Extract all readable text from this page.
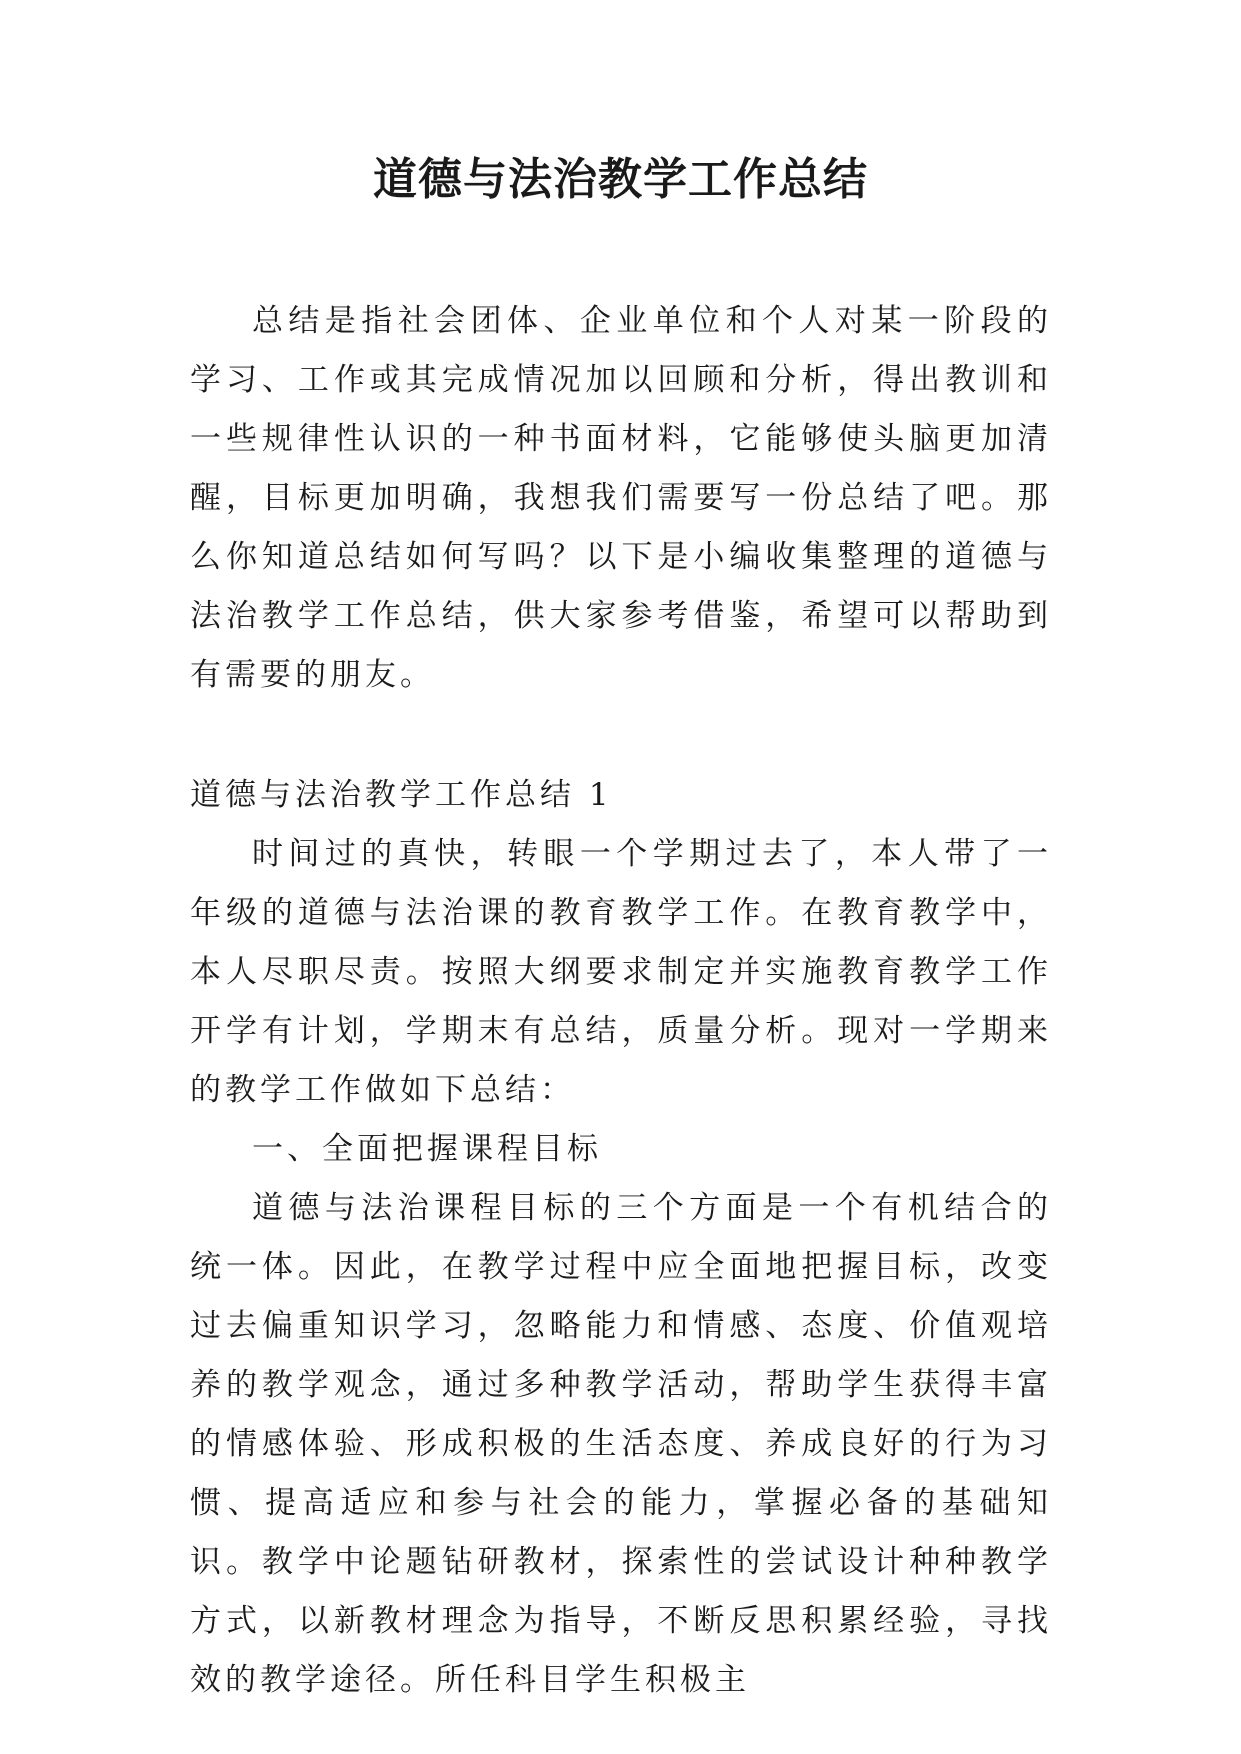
道德与法治教学工作总结

总结是指社会团体、企业单位和个人对某一阶段的学习、工作或其完成情况加以回顾和分析，得出教训和一些规律性认识的一种书面材料，它能够使头脑更加清醒，目标更加明确，我想我们需要写一份总结了吧。那么你知道总结如何写吗？以下是小编收集整理的道德与法治教学工作总结，供大家参考借鉴，希望可以帮助到有需要的朋友。

道德与法治教学工作总结 1

时间过的真快，转眼一个学期过去了，本人带了一年级的道德与法治课的教育教学工作。在教育教学中，本人尽职尽责。按照大纲要求制定并实施教育教学工作开学有计划，学期末有总结，质量分析。现对一学期来的教学工作做如下总结：

一、全面把握课程目标

道德与法治课程目标的三个方面是一个有机结合的统一体。因此，在教学过程中应全面地把握目标，改变过去偏重知识学习，忽略能力和情感、态度、价值观培养的教学观念，通过多种教学活动，帮助学生获得丰富的情感体验、形成积极的生活态度、养成良好的行为习惯、提高适应和参与社会的能力，掌握必备的基础知识。教学中论题钻研教材，探索性的尝试设计种种教学方式，以新教材理念为指导，不断反思积累经验，寻找效的教学途径。所任科目学生积极主
